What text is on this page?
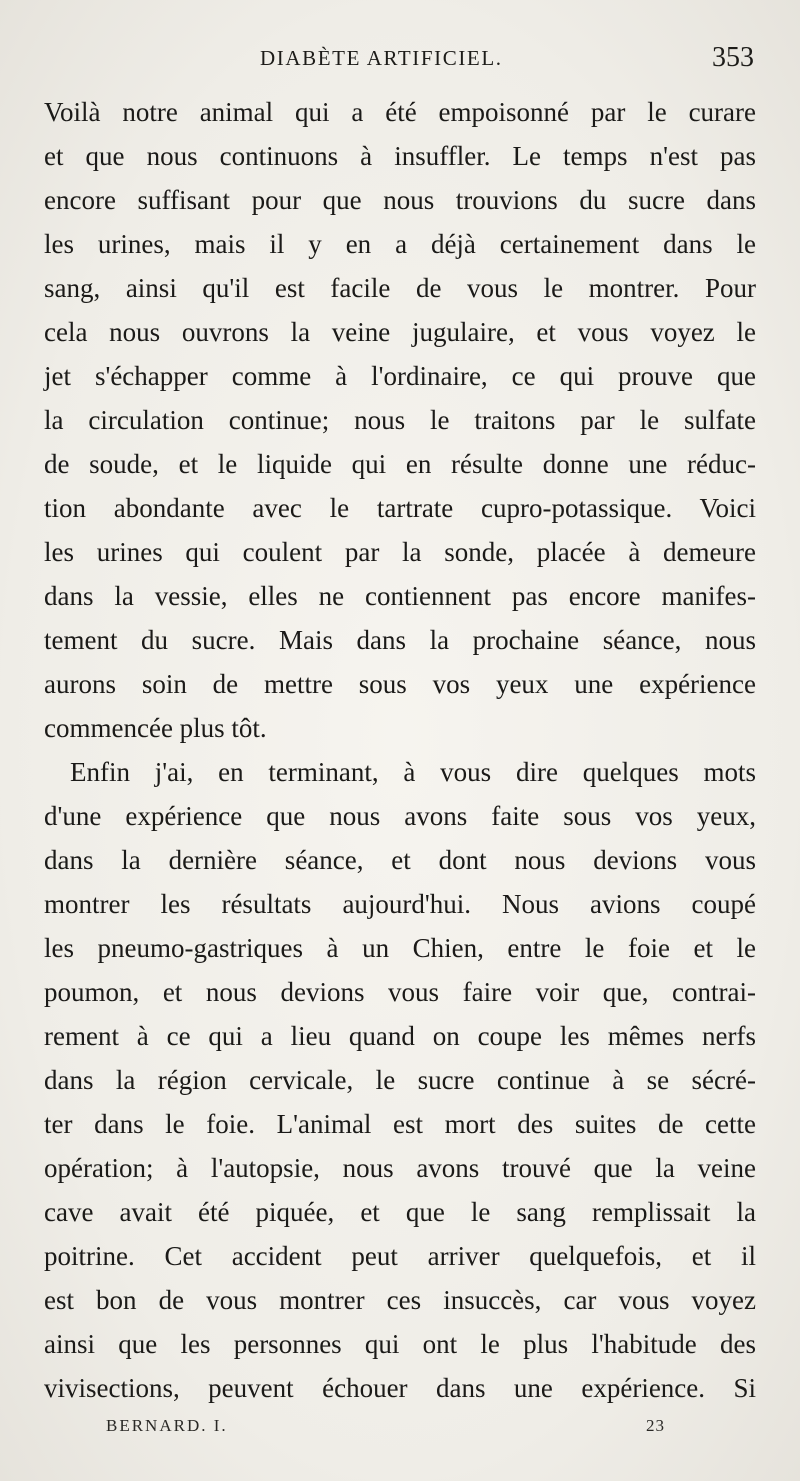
DIABÈTE ARTIFICIEL.	353
Voilà notre animal qui a été empoisonné par le curare
et que nous continuons à insuffler. Le temps n'est pas
encore suffisant pour que nous trouvions du sucre dans
les urines, mais il y en a déjà certainement dans le
sang, ainsi qu'il est facile de vous le montrer. Pour
cela nous ouvrons la veine jugulaire, et vous voyez le
jet s'échapper comme à l'ordinaire, ce qui prouve que
la circulation continue; nous le traitons par le sulfate
de soude, et le liquide qui en résulte donne une réduc-
tion abondante avec le tartrate cupro-potassique. Voici
les urines qui coulent par la sonde, placée à demeure
dans la vessie, elles ne contiennent pas encore manifes-
tement du sucre. Mais dans la prochaine séance, nous
aurons soin de mettre sous vos yeux une expérience
commencée plus tôt.
Enfin j'ai, en terminant, à vous dire quelques mots
d'une expérience que nous avons faite sous vos yeux,
dans la dernière séance, et dont nous devions vous
montrer les résultats aujourd'hui. Nous avions coupé
les pneumo-gastriques à un Chien, entre le foie et le
poumon, et nous devions vous faire voir que, contrai-
rement à ce qui a lieu quand on coupe les mêmes nerfs
dans la région cervicale, le sucre continue à se sécré-
ter dans le foie. L'animal est mort des suites de cette
opération; à l'autopsie, nous avons trouvé que la veine
cave avait été piquée, et que le sang remplissait la
poitrine. Cet accident peut arriver quelquefois, et il
est bon de vous montrer ces insuccès, car vous voyez
ainsi que les personnes qui ont le plus l'habitude des
vivisections, peuvent échouer dans une expérience. Si
BERNARD. I.	23
